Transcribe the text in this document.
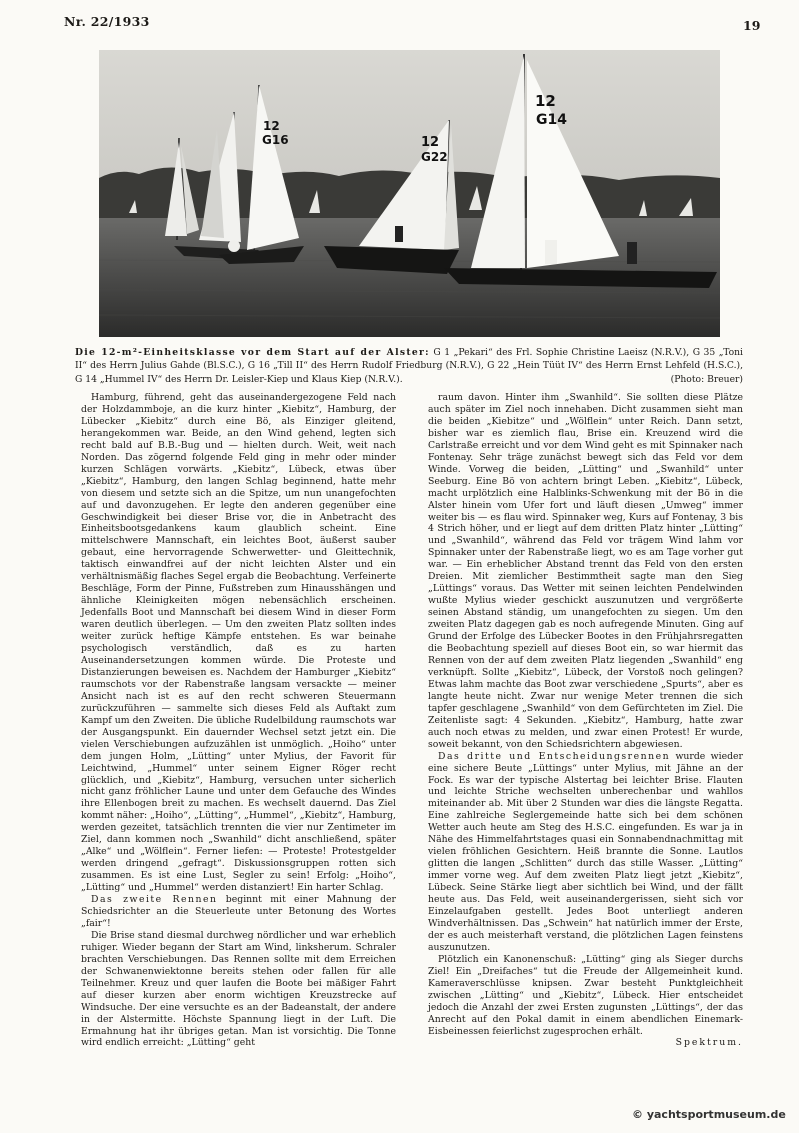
Nr. 22/1933	19
12
G16	12
G22
12
G14
Die 12-m²-Einheitsklasse vor dem Start auf der Alster: G 1 „Pekari“ des Frl. Sophie Christine Laeisz (N.R.V.), G 35 „Toni II“ des Herrn Julius Gahde (Bl.S.C.), G 16 „Till II“ des Herrn Rudolf Friedburg (N.R.V.), G 22 „Hein Tüüt IV“ des Herrn Ernst Lehfeld (H.S.C.), G 14 „Hummel IV“ des Herrn Dr. Leisler-Kiep und Klaus Kiep (N.R.V.).	(Photo: Breuer)

Hamburg, führend, geht das auseinandergezogene Feld nach der Holzdammboje, an die kurz hinter „Kiebitz“, Hamburg, der Lübecker „Kiebitz“ durch eine Bö, als Einziger gleitend, herangekommen war. Beide, an den Wind gehend, legten sich recht bald auf B.B.-Bug und — hielten durch. Weit, weit nach Norden. Das zögernd folgende Feld ging in mehr oder minder kurzen Schlägen vorwärts. „Kiebitz“, Lübeck, etwas über „Kiebitz“, Hamburg, den langen Schlag beginnend, hatte mehr von diesem und setzte sich an die Spitze, um nun unangefochten auf und davonzugehen. Er legte den anderen gegenüber eine Geschwindigkeit bei dieser Brise vor, die in Anbetracht des Einheitsbootsgedankens kaum glaublich scheint. Eine mittelschwere Mannschaft, ein leichtes Boot, äußerst sauber gebaut, eine hervorragende Schwerwetter- und Gleittechnik, taktisch einwandfrei auf der nicht leichten Alster und ein verhältnismäßig flaches Segel ergab die Beobachtung. Verfeinerte Beschläge, Form der Pinne, Fußstreben zum Hinausshängen und ähnliche Kleinigkeiten mögen nebensächlich erscheinen. Jedenfalls Boot und Mannschaft bei diesem Wind in dieser Form waren deutlich überlegen. — Um den zweiten Platz sollten indes weiter zurück heftige Kämpfe entstehen. Es war beinahe psychologisch verständlich, daß es zu harten Auseinandersetzungen kommen würde. Die Proteste und Distanzierungen beweisen es. Nachdem der Hamburger „Kiebitz“ raumschots vor der Rabenstraße langsam versackte — meiner Ansicht nach ist es auf den recht schweren Steuermann zurückzuführen — sammelte sich dieses Feld als Auftakt zum Kampf um den Zweiten. Die übliche Rudelbildung raumschots war der Ausgangspunkt. Ein dauernder Wechsel setzt jetzt ein. Die vielen Verschiebungen aufzuzählen ist unmöglich. „Hoiho“ unter dem jungen Holm, „Lütting“ unter Mylius, der Favorit für Leichtwind, „Hummel“ unter seinem Eigner Röger recht glücklich, und „Kiebitz“, Hamburg, versuchen unter sicherlich nicht ganz fröhlicher Laune und unter dem Gefauche des Windes ihre Ellenbogen breit zu machen. Es wechselt dauernd. Das Ziel kommt näher: „Hoiho“, „Lütting“, „Hummel“, „Kiebitz“, Hamburg, werden gezeitet, tatsächlich trennten die vier nur Zentimeter im Ziel, dann kommen noch „Swanhild“ dicht anschließend, später „Alke“ und „Wölflein“. Ferner liefen: — Proteste! Protestgelder werden dringend „gefragt“. Diskussionsgruppen rotten sich zusammen. Es ist eine Lust, Segler zu sein! Erfolg: „Hoiho“, „Lütting“ und „Hummel“ werden distanziert! Ein harter Schlag.

Das zweite Rennen beginnt mit einer Mahnung der Schiedsrichter an die Steuerleute unter Betonung des Wortes „fair“!

Die Brise stand diesmal durchweg nördlicher und war erheblich ruhiger. Wieder begann der Start am Wind, linksherum. Schraler brachten Verschiebungen. Das Rennen sollte mit dem Erreichen der Schwanenwiektonne bereits stehen oder fallen für alle Teilnehmer. Kreuz und quer laufen die Boote bei mäßiger Fahrt auf dieser kurzen aber enorm wichtigen Kreuzstrecke auf Windsuche. Der eine versuchte es an der Badeanstalt, der andere in der Alstermitte. Höchste Spannung liegt in der Luft. Die Ermahnung hat ihr übriges getan. Man ist vorsichtig. Die Tonne wird endlich erreicht: „Lütting“ geht

raum davon. Hinter ihm „Swanhild“. Sie sollten diese Plätze auch später im Ziel noch innehaben. Dicht zusammen sieht man die beiden „Kiebitze“ und „Wölflein“ unter Reich. Dann setzt, bisher war es ziemlich flau, Brise ein. Kreuzend wird die Carlstraße erreicht und vor dem Wind geht es mit Spinnaker nach Fontenay. Sehr träge zunächst bewegt sich das Feld vor dem Winde. Vorweg die beiden, „Lütting“ und „Swanhild“ unter Seeburg. Eine Bö von achtern bringt Leben. „Kiebitz“, Lübeck, macht urplötzlich eine Halblinks-Schwenkung mit der Bö in die Alster hinein vom Ufer fort und läuft diesen „Umweg“ immer weiter bis — es flau wird. Spinnaker weg, Kurs auf Fontenay, 3 bis 4 Strich höher, und er liegt auf dem dritten Platz hinter „Lütting“ und „Swanhild“, während das Feld vor trägem Wind lahm vor Spinnaker unter der Rabenstraße liegt, wo es am Tage vorher gut war. — Ein erheblicher Abstand trennt das Feld von den ersten Dreien. Mit ziemlicher Bestimmtheit sagte man den Sieg „Lüttings“ voraus. Das Wetter mit seinen leichten Pendelwinden wußte Mylius wieder geschickt auszunutzen und vergrößerte seinen Abstand ständig, um unangefochten zu siegen. Um den zweiten Platz dagegen gab es noch aufregende Minuten. Ging auf Grund der Erfolge des Lübecker Bootes in den Frühjahrsregatten die Beobachtung speziell auf dieses Boot ein, so war hiermit das Rennen von der auf dem zweiten Platz liegenden „Swanhild“ eng verknüpft. Sollte „Kiebitz“, Lübeck, der Vorstoß noch gelingen? Etwas lahm machte das Boot zwar verschiedene „Spurts“, aber es langte heute nicht. Zwar nur wenige Meter trennen die sich tapfer geschlagene „Swanhild“ von dem Gefürchteten im Ziel. Die Zeitenliste sagt: 4 Sekunden. „Kiebitz“, Hamburg, hatte zwar auch noch etwas zu melden, und zwar einen Protest! Er wurde, soweit bekannt, von den Schiedsrichtern abgewiesen.

Das dritte und Entscheidungsrennen wurde wieder eine sichere Beute „Lüttings“ unter Mylius, mit Jähne an der Fock. Es war der typische Alstertag bei leichter Brise. Flauten und leichte Striche wechselten unberechenbar und wahllos miteinander ab. Mit über 2 Stunden war dies die längste Regatta. Eine zahlreiche Seglergemeinde hatte sich bei dem schönen Wetter auch heute am Steg des H.S.C. eingefunden. Es war ja in Nähe des Himmelfahrtstages quasi ein Sonnabendnachmittag mit vielen fröhlichen Gesichtern. Heiß brannte die Sonne. Lautlos glitten die langen „Schlitten“ durch das stille Wasser. „Lütting“ immer vorne weg. Auf dem zweiten Platz liegt jetzt „Kiebitz“, Lübeck. Seine Stärke liegt aber sichtlich bei Wind, und der fällt heute aus. Das Feld, weit auseinandergerissen, sieht sich vor Einzelaufgaben gestellt. Jedes Boot unterliegt anderen Windverhältnissen. Das „Schwein“ hat natürlich immer der Erste, der es auch meisterhaft verstand, die plötzlichen Lagen feinstens auszunutzen.

Plötzlich ein Kanonenschuß: „Lütting“ ging als Sieger durchs Ziel! Ein „Dreifaches“ tut die Freude der Allgemeinheit kund. Kameraverschlüsse knipsen. Zwar besteht Punktgleichheit zwischen „Lütting“ und „Kiebitz“, Lübeck. Hier entscheidet jedoch die Anzahl der zwei Ersten zugunsten „Lüttings“, der das Anrecht auf den Pokal damit in einem abendlichen Einemark-Eisbeinessen feierlichst zugesprochen erhält.

Spektrum.
© yachtsportmuseum.de
